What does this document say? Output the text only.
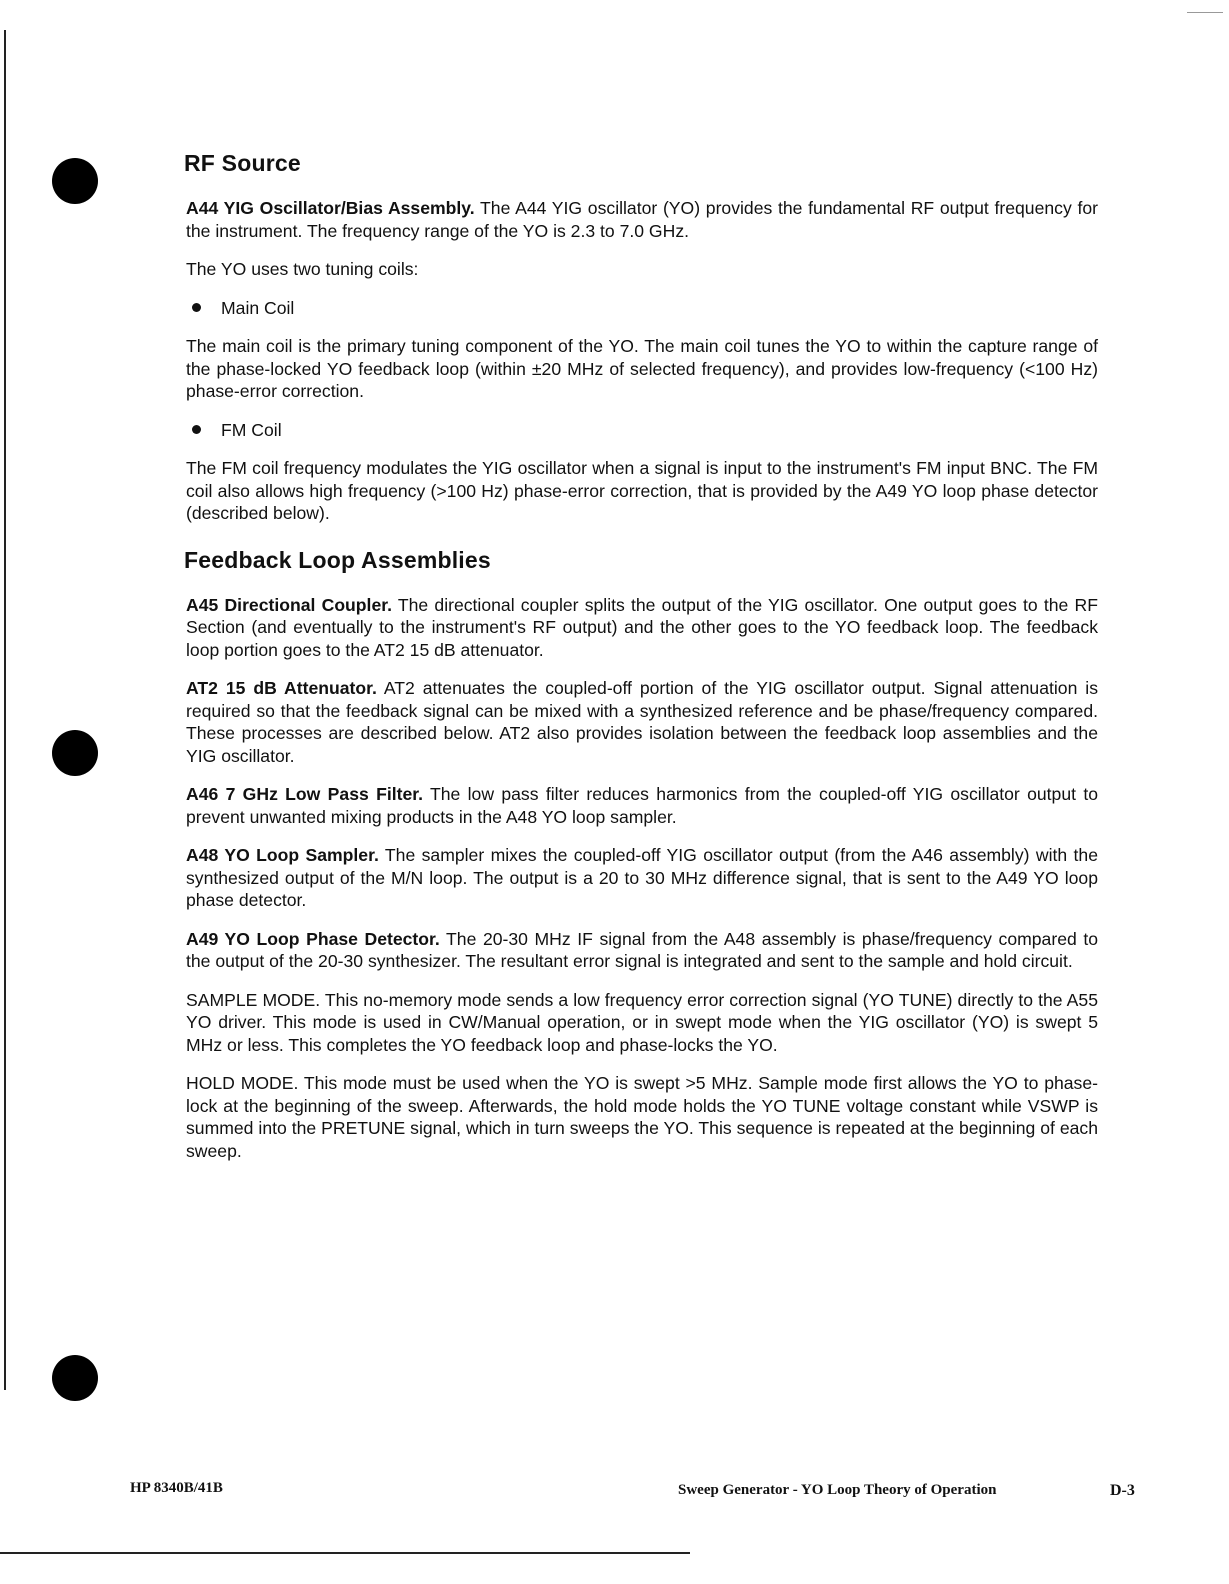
RF Source

A44 YIG Oscillator/Bias Assembly. The A44 YIG oscillator (YO) provides the fundamental RF output frequency for the instrument. The frequency range of the YO is 2.3 to 7.0 GHz.

The YO uses two tuning coils:

Main Coil

The main coil is the primary tuning component of the YO. The main coil tunes the YO to within the capture range of the phase-locked YO feedback loop (within ±20 MHz of selected frequency), and provides low-frequency (<100 Hz) phase-error correction.

FM Coil

The FM coil frequency modulates the YIG oscillator when a signal is input to the instrument's FM input BNC. The FM coil also allows high frequency (>100 Hz) phase-error correction, that is provided by the A49 YO loop phase detector (described below).

Feedback Loop Assemblies

A45 Directional Coupler. The directional coupler splits the output of the YIG oscillator. One output goes to the RF Section (and eventually to the instrument's RF output) and the other goes to the YO feedback loop. The feedback loop portion goes to the AT2 15 dB attenuator.

AT2 15 dB Attenuator. AT2 attenuates the coupled-off portion of the YIG oscillator output. Signal attenuation is required so that the feedback signal can be mixed with a synthesized reference and be phase/frequency compared. These processes are described below. AT2 also provides isolation between the feedback loop assemblies and the YIG oscillator.

A46 7 GHz Low Pass Filter. The low pass filter reduces harmonics from the coupled-off YIG oscillator output to prevent unwanted mixing products in the A48 YO loop sampler.

A48 YO Loop Sampler. The sampler mixes the coupled-off YIG oscillator output (from the A46 assembly) with the synthesized output of the M/N loop. The output is a 20 to 30 MHz difference signal, that is sent to the A49 YO loop phase detector.

A49 YO Loop Phase Detector. The 20-30 MHz IF signal from the A48 assembly is phase/frequency compared to the output of the 20-30 synthesizer. The resultant error signal is integrated and sent to the sample and hold circuit.

SAMPLE MODE. This no-memory mode sends a low frequency error correction signal (YO TUNE) directly to the A55 YO driver. This mode is used in CW/Manual operation, or in swept mode when the YIG oscillator (YO) is swept 5 MHz or less. This completes the YO feedback loop and phase-locks the YO.

HOLD MODE. This mode must be used when the YO is swept >5 MHz. Sample mode first allows the YO to phase-lock at the beginning of the sweep. Afterwards, the hold mode holds the YO TUNE voltage constant while VSWP is summed into the PRETUNE signal, which in turn sweeps the YO. This sequence is repeated at the beginning of each sweep.

HP 8340B/41B	Sweep Generator - YO Loop Theory of Operation	D-3
